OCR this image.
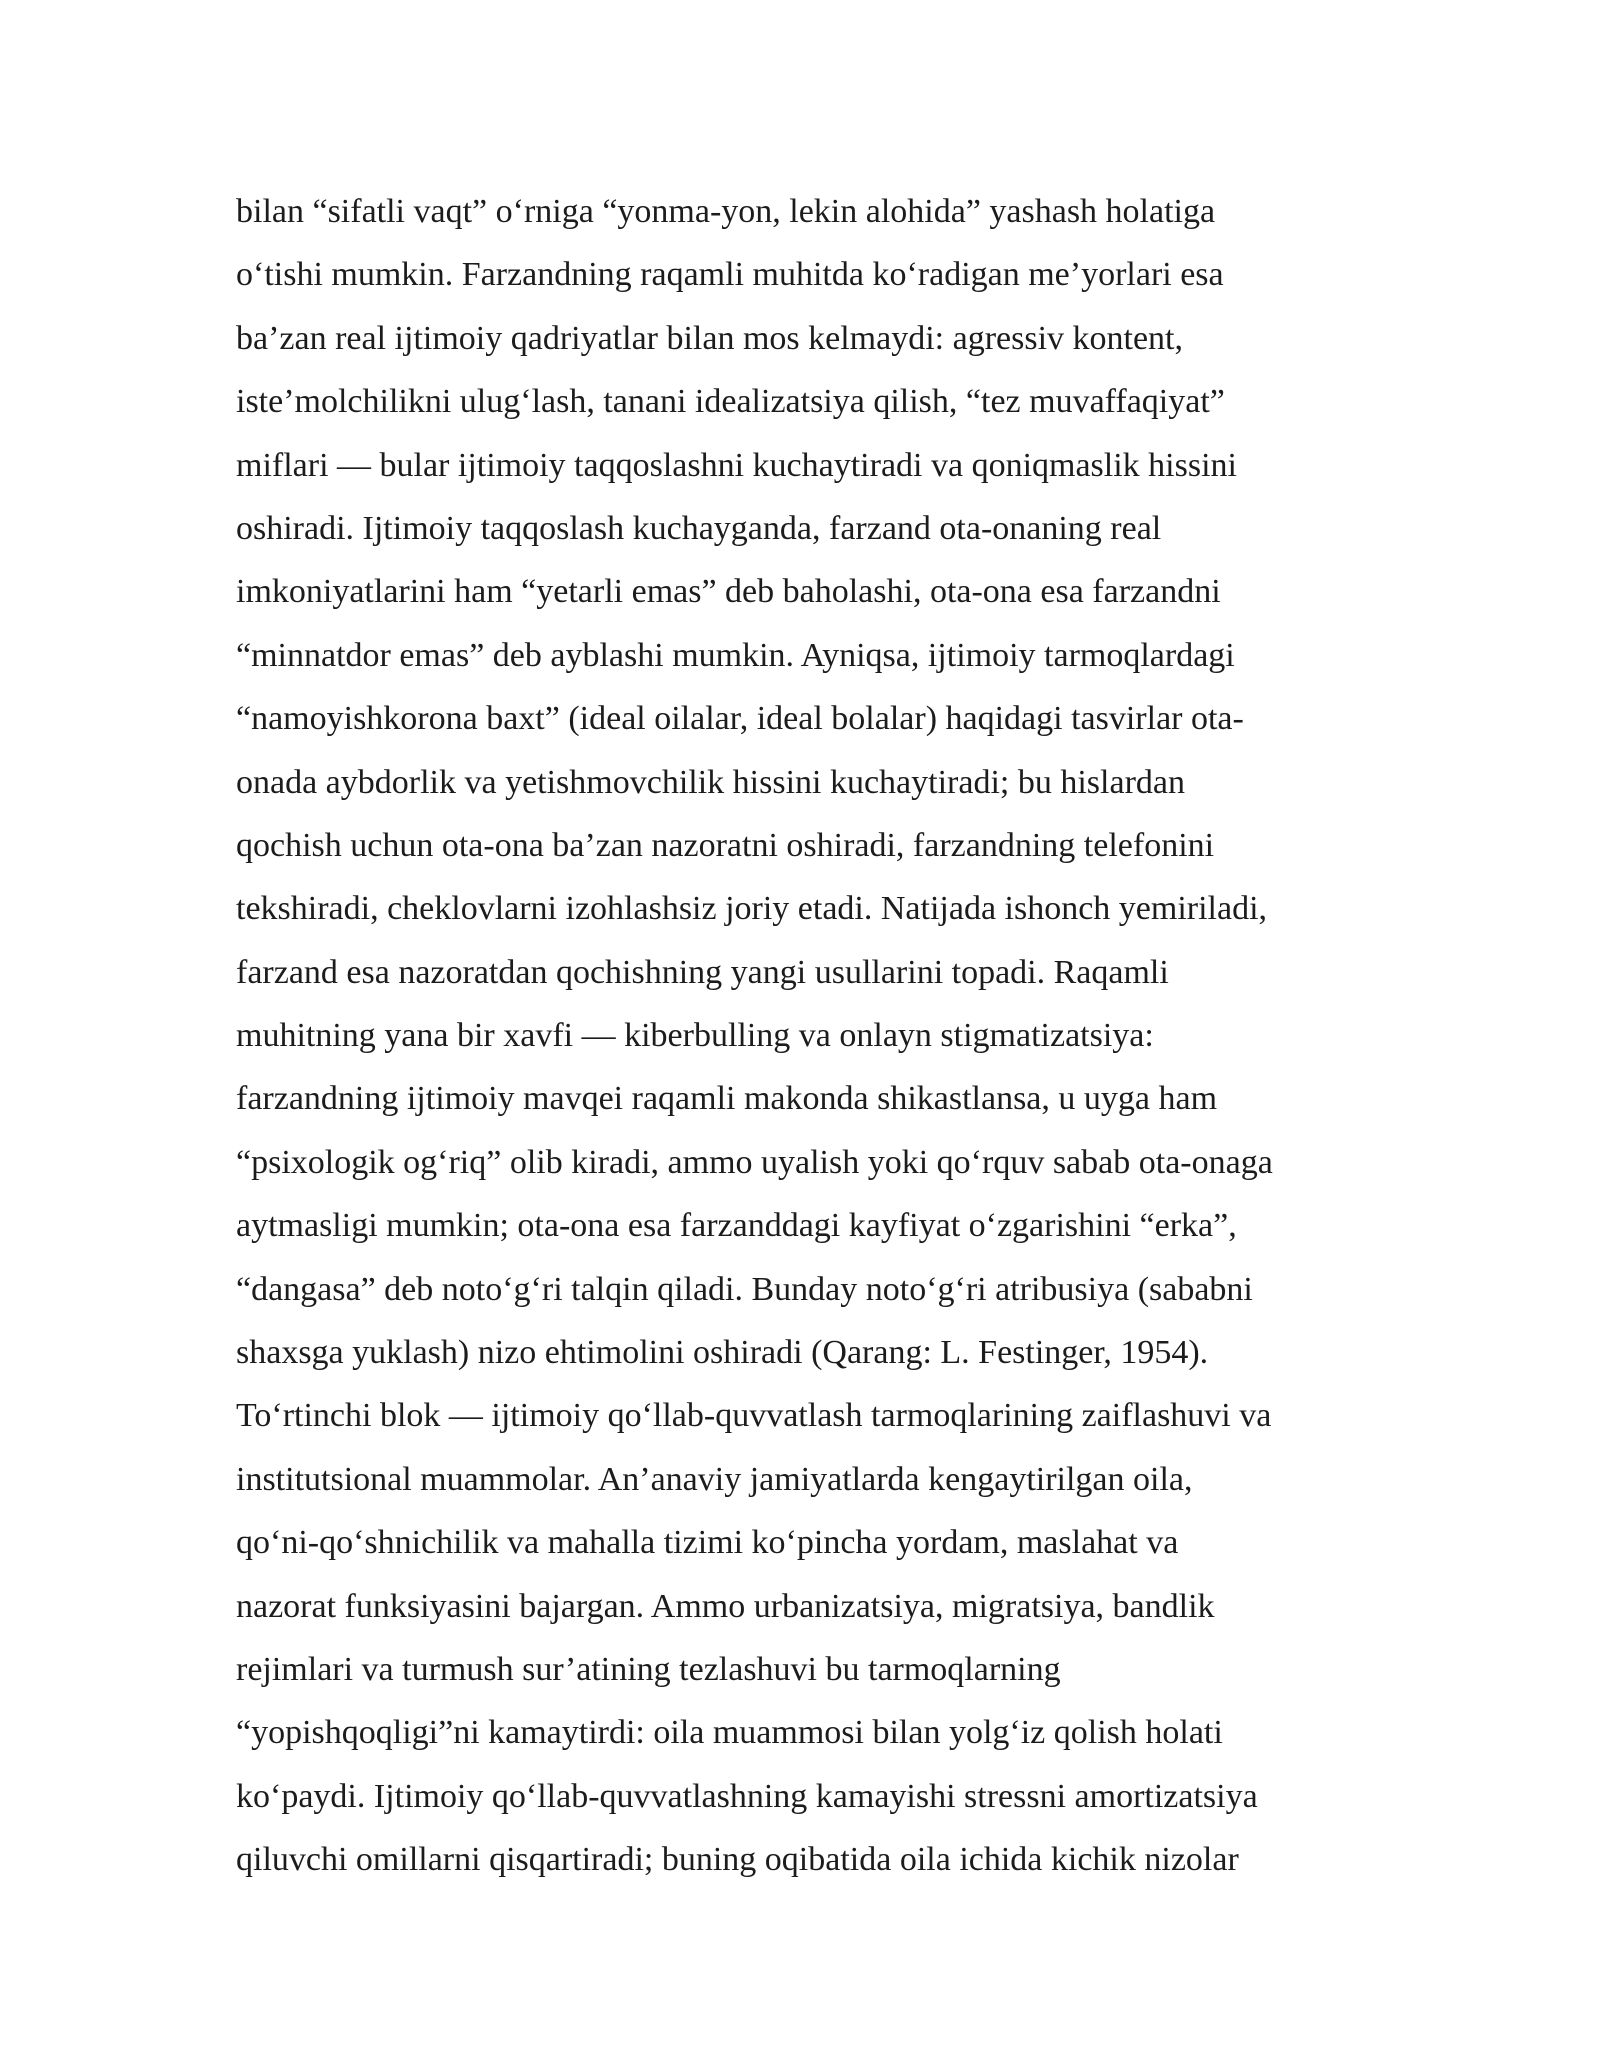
bilan “sifatli vaqt” oʻrniga “yonma-yon, lekin alohida” yashash holatiga
oʻtishi mumkin. Farzandning raqamli muhitda koʻradigan me’yorlari esa
ba’zan real ijtimoiy qadriyatlar bilan mos kelmaydi: agressiv kontent,
iste’molchilikni ulugʻlash, tanani idealizatsiya qilish, “tez muvaffaqiyat”
miflari — bular ijtimoiy taqqoslashni kuchaytiradi va qoniqmaslik hissini
oshiradi. Ijtimoiy taqqoslash kuchayganda, farzand ota-onaning real
imkoniyatlarini ham “yetarli emas” deb baholashi, ota-ona esa farzandni
“minnatdor emas” deb ayblashi mumkin. Ayniqsa, ijtimoiy tarmoqlardagi
“namoyishkorona baxt” (ideal oilalar, ideal bolalar) haqidagi tasvirlar ota-
onada aybdorlik va yetishmovchilik hissini kuchaytiradi; bu hislardan
qochish uchun ota-ona ba’zan nazoratni oshiradi, farzandning telefonini
tekshiradi, cheklovlarni izohlashsiz joriy etadi. Natijada ishonch yemiriladi,
farzand esa nazoratdan qochishning yangi usullarini topadi. Raqamli
muhitning yana bir xavfi — kiberbulling va onlayn stigmatizatsiya:
farzandning ijtimoiy mavqei raqamli makonda shikastlansa, u uyga ham
“psixologik ogʻriq” olib kiradi, ammo uyalish yoki qoʻrquv sabab ota-onaga
aytmasligi mumkin; ota-ona esa farzanddagi kayfiyat oʻzgarishini “erka”,
“dangasa” deb notoʻgʻri talqin qiladi. Bunday notoʻgʻri atribusiya (sababni
shaxsga yuklash) nizo ehtimolini oshiradi (Qarang: L. Festinger, 1954).
Toʻrtinchi blok — ijtimoiy qoʻllab-quvvatlash tarmoqlarining zaiflashuvi va
institutsional muammolar. An’anaviy jamiyatlarda kengaytirilgan oila,
qoʻni-qoʻshnichilik va mahalla tizimi koʻpincha yordam, maslahat va
nazorat funksiyasini bajargan. Ammo urbanizatsiya, migratsiya, bandlik
rejimlari va turmush sur’atining tezlashuvi bu tarmoqlarning
“yopishqoqligi”ni kamaytirdi: oila muammosi bilan yolgʻiz qolish holati
koʻpaydi. Ijtimoiy qoʻllab-quvvatlashning kamayishi stressni amortizatsiya
qiluvchi omillarni qisqartiradi; buning oqibatida oila ichida kichik nizolar
